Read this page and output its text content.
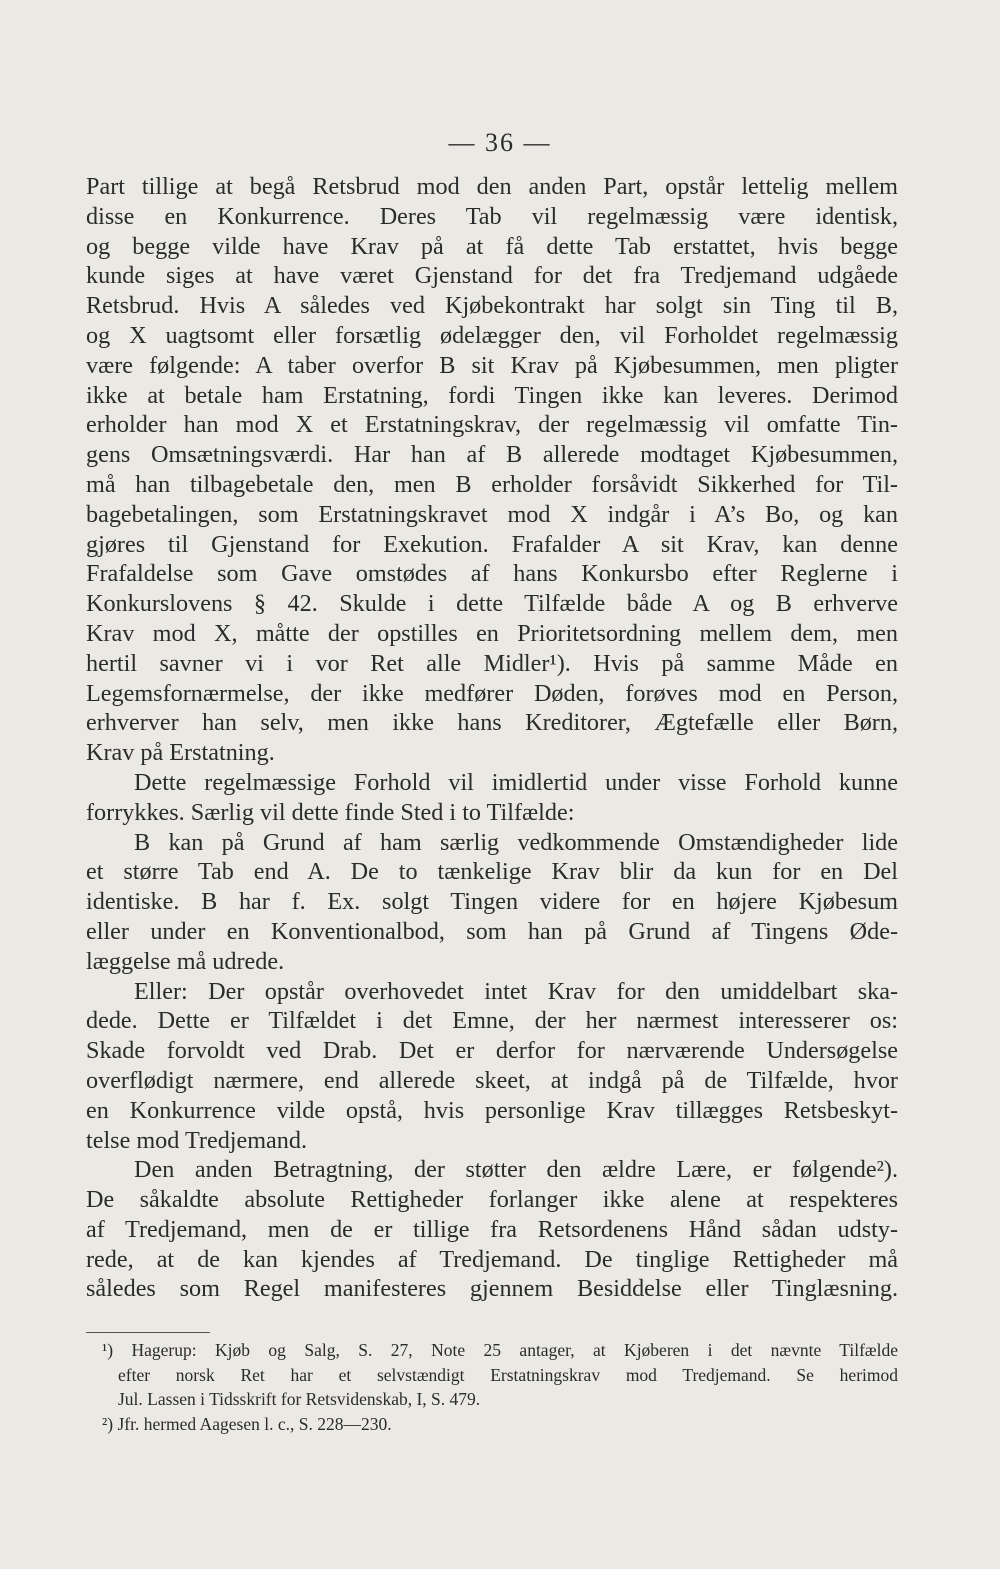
— 36 —
Part tillige at begå Retsbrud mod den anden Part, opstår lettelig mellem
disse en Konkurrence. Deres Tab vil regelmæssig være identisk,
og begge vilde have Krav på at få dette Tab erstattet, hvis begge
kunde siges at have været Gjenstand for det fra Tredjemand udgåede
Retsbrud. Hvis A således ved Kjøbekontrakt har solgt sin Ting til B,
og X uagtsomt eller forsætlig ødelægger den, vil Forholdet regelmæssig
være følgende: A taber overfor B sit Krav på Kjøbesummen, men pligter
ikke at betale ham Erstatning, fordi Tingen ikke kan leveres. Derimod
erholder han mod X et Erstatningskrav, der regelmæssig vil omfatte Tin-
gens Omsætningsværdi. Har han af B allerede modtaget Kjøbesummen,
må han tilbagebetale den, men B erholder forsåvidt Sikkerhed for Til-
bagebetalingen, som Erstatningskravet mod X indgår i A’s Bo, og kan
gjøres til Gjenstand for Exekution. Frafalder A sit Krav, kan denne
Frafaldelse som Gave omstødes af hans Konkursbo efter Reglerne i
Konkurslovens § 42. Skulde i dette Tilfælde både A og B erhverve
Krav mod X, måtte der opstilles en Prioritetsordning mellem dem, men
hertil savner vi i vor Ret alle Midler¹). Hvis på samme Måde en
Legemsfornærmelse, der ikke medfører Døden, forøves mod en Person,
erhverver han selv, men ikke hans Kreditorer, Ægtefælle eller Børn,
Krav på Erstatning.
Dette regelmæssige Forhold vil imidlertid under visse Forhold kunne
forrykkes. Særlig vil dette finde Sted i to Tilfælde:
B kan på Grund af ham særlig vedkommende Omstændigheder lide
et større Tab end A. De to tænkelige Krav blir da kun for en Del
identiske. B har f. Ex. solgt Tingen videre for en højere Kjøbesum
eller under en Konventionalbod, som han på Grund af Tingens Øde-
læggelse må udrede.
Eller: Der opstår overhovedet intet Krav for den umiddelbart ska-
dede. Dette er Tilfældet i det Emne, der her nærmest interesserer os:
Skade forvoldt ved Drab. Det er derfor for nærværende Undersøgelse
overflødigt nærmere, end allerede skeet, at indgå på de Tilfælde, hvor
en Konkurrence vilde opstå, hvis personlige Krav tillægges Retsbeskyt-
telse mod Tredjemand.
Den anden Betragtning, der støtter den ældre Lære, er følgende²).
De såkaldte absolute Rettigheder forlanger ikke alene at respekteres
af Tredjemand, men de er tillige fra Retsordenens Hånd sådan udsty-
rede, at de kan kjendes af Tredjemand. De tinglige Rettigheder må
således som Regel manifesteres gjennem Besiddelse eller Tinglæsning.
¹) Hagerup: Kjøb og Salg, S. 27, Note 25 antager, at Kjøberen i det nævnte Tilfælde
efter norsk Ret har et selvstændigt Erstatningskrav mod Tredjemand. Se herimod
Jul. Lassen i Tidsskrift for Retsvidenskab, I, S. 479.
²) Jfr. hermed Aagesen l. c., S. 228—230.
